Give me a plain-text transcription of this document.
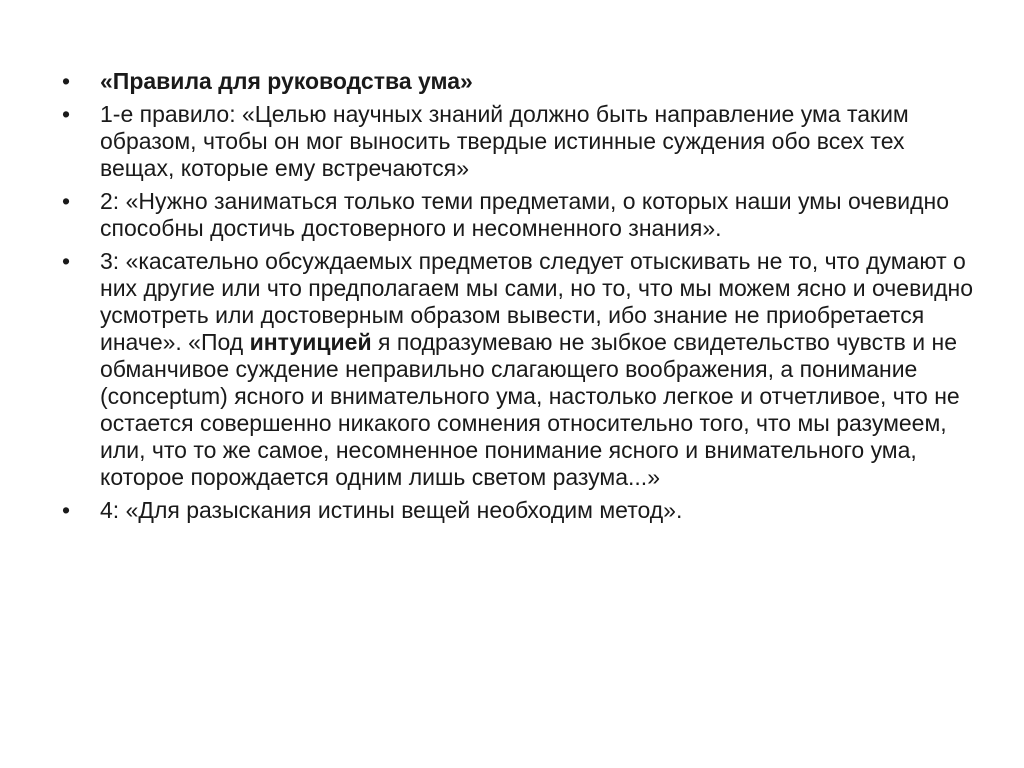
•	«Правила для руководства ума»
•	1-е правило: «Целью научных знаний должно быть направление ума таким образом, чтобы он мог выносить твердые истинные суждения обо всех тех вещах, которые ему встречаются»
•	2: «Нужно заниматься только теми предметами, о которых наши умы очевидно способны достичь достоверного и несомненного знания».
•	3: «касательно обсуждаемых предметов следует отыскивать не то, что думают о них другие или что предполагаем мы сами, но то, что мы можем ясно и очевидно усмотреть или достоверным образом вывести, ибо знание не приобретается иначе». «Под интуицией я подразумеваю не зыбкое свидетельство чувств и не обманчивое суждение неправильно слагающего воображения, а понимание (conceptum) ясного и внимательного ума, настолько легкое и отчетливое, что не остается совершенно никакого сомнения относительно того, что мы разумеем, или, что то же самое, несомненное понимание ясного и внимательного ума, которое порождается одним лишь светом разума...»
•	4: «Для разыскания истины вещей необходим метод».
